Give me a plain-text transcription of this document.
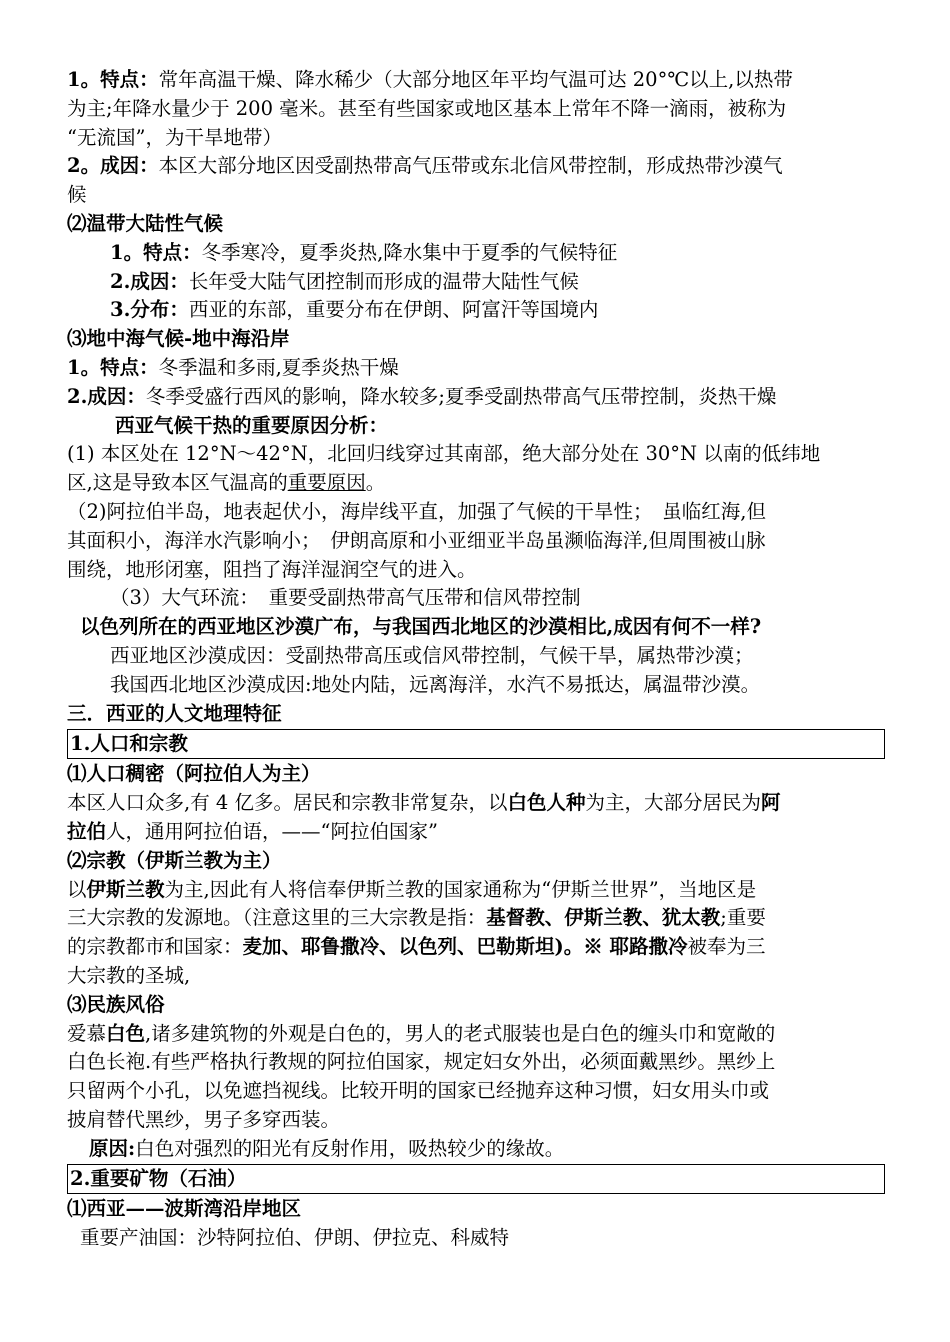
1。特点：常年高温干燥、降水稀少（大部分地区年平均气温可达 20°℃以上,以热带

为主;年降水量少于 200 毫米。甚至有些国家或地区基本上常年不降一滴雨，被称为

“无流国”，为干旱地带）

2。成因：本区大部分地区因受副热带高气压带或东北信风带控制，形成热带沙漠气

候

⑵温带大陆性气候

1。特点：冬季寒冷，夏季炎热,降水集中于夏季的气候特征

2.成因：长年受大陆气团控制而形成的温带大陆性气候

3.分布：西亚的东部，重要分布在伊朗、阿富汗等国境内

⑶地中海气候-地中海沿岸

1。特点：冬季温和多雨,夏季炎热干燥

2.成因：冬季受盛行西风的影响，降水较多;夏季受副热带高气压带控制，炎热干燥

西亚气候干热的重要原因分析：

(1) 本区处在 12°N～42°N，北回归线穿过其南部，绝大部分处在 30°N 以南的低纬地

区,这是导致本区气温高的重要原因。

（2)阿拉伯半岛，地表起伏小，海岸线平直，加强了气候的干旱性；　虽临红海,但

其面积小，海洋水汽影响小；　伊朗高原和小亚细亚半岛虽濒临海洋,但周围被山脉

围绕，地形闭塞，阻挡了海洋湿润空气的进入。

（3）大气环流：　重要受副热带高气压带和信风带控制

以色列所在的西亚地区沙漠广布，与我国西北地区的沙漠相比,成因有何不一样?

西亚地区沙漠成因：受副热带高压或信风带控制，气候干旱，属热带沙漠；

我国西北地区沙漠成因:地处内陆，远离海洋，水汽不易抵达，属温带沙漠。

三．西亚的人文地理特征

1.人口和宗教

⑴人口稠密（阿拉伯人为主）

本区人口众多,有 4 亿多。居民和宗教非常复杂，以白色人种为主，大部分居民为阿

拉伯人，通用阿拉伯语，——“阿拉伯国家”

⑵宗教（伊斯兰教为主）

以伊斯兰教为主,因此有人将信奉伊斯兰教的国家通称为“伊斯兰世界”，当地区是

三大宗教的发源地。（注意这里的三大宗教是指：基督教、伊斯兰教、犹太教;重要

的宗教都市和国家：麦加、耶鲁撒冷、以色列、巴勒斯坦)。※ 耶路撒冷被奉为三

大宗教的圣城,

⑶民族风俗

爱慕白色,诸多建筑物的外观是白色的，男人的老式服装也是白色的缠头巾和宽敞的

白色长袍.有些严格执行教规的阿拉伯国家，规定妇女外出，必须面戴黑纱。黑纱上

只留两个小孔，以免遮挡视线。比较开明的国家已经抛弃这种习惯，妇女用头巾或

披肩替代黑纱，男子多穿西装。

原因:白色对强烈的阳光有反射作用，吸热较少的缘故。

2.重要矿物（石油）

⑴西亚——波斯湾沿岸地区

重要产油国：沙特阿拉伯、伊朗、伊拉克、科威特
